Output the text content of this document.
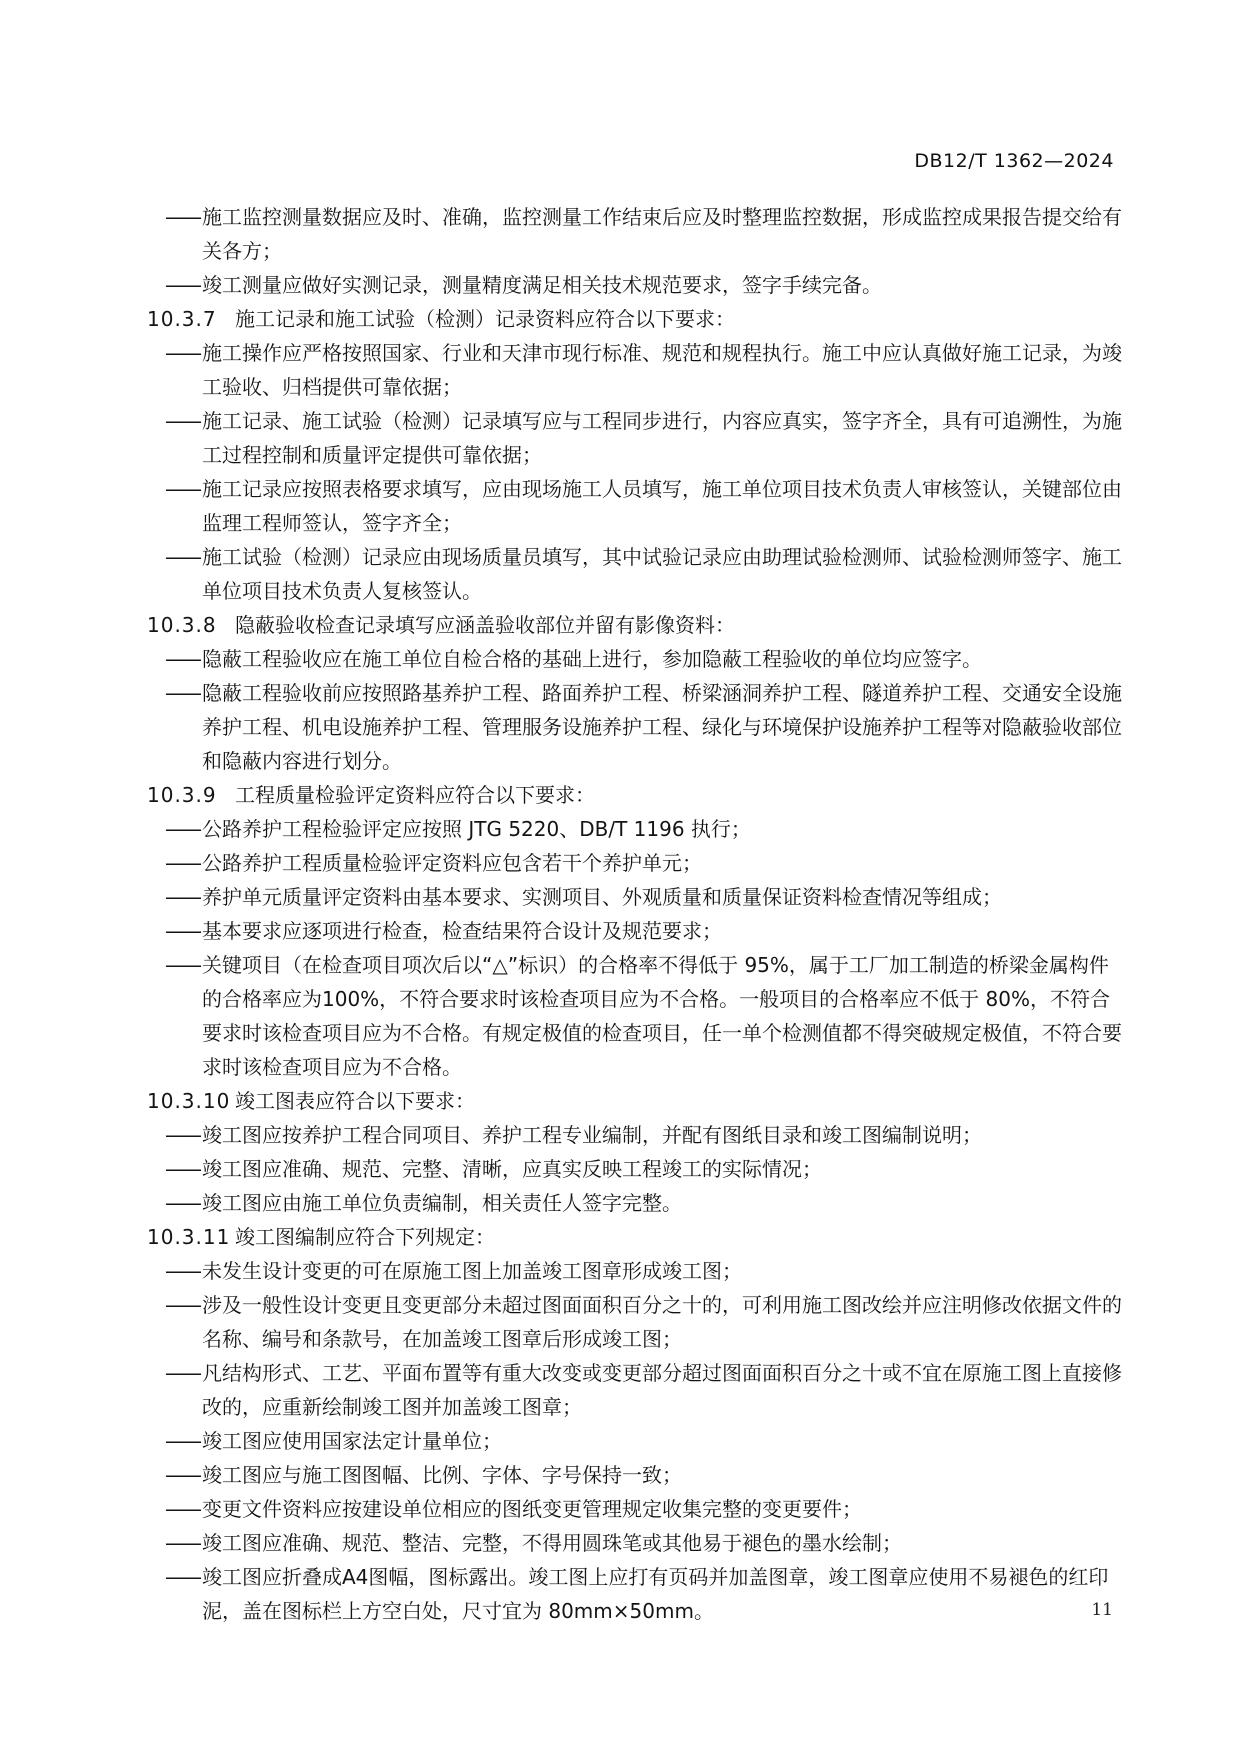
DB12/T 1362—2024
—— 施工监控测量数据应及时、准确，监控测量工作结束后应及时整理监控数据，形成监控成果报告提交给有关各方；
—— 竣工测量应做好实测记录，测量精度满足相关技术规范要求，签字手续完备。
10.3.7 施工记录和施工试验（检测）记录资料应符合以下要求：
—— 施工操作应严格按照国家、行业和天津市现行标准、规范和规程执行。施工中应认真做好施工记录，为竣工验收、归档提供可靠依据；
—— 施工记录、施工试验（检测）记录填写应与工程同步进行，内容应真实，签字齐全，具有可追溯性，为施工过程控制和质量评定提供可靠依据；
—— 施工记录应按照表格要求填写，应由现场施工人员填写，施工单位项目技术负责人审核签认，关键部位由监理工程师签认，签字齐全；
—— 施工试验（检测）记录应由现场质量员填写，其中试验记录应由助理试验检测师、试验检测师签字、施工单位项目技术负责人复核签认。
10.3.8 隐蔽验收检查记录填写应涵盖验收部位并留有影像资料：
—— 隐蔽工程验收应在施工单位自检合格的基础上进行，参加隐蔽工程验收的单位均应签字。
—— 隐蔽工程验收前应按照路基养护工程、路面养护工程、桥梁涵洞养护工程、隧道养护工程、交通安全设施养护工程、机电设施养护工程、管理服务设施养护工程、绿化与环境保护设施养护工程等对隐蔽验收部位和隐蔽内容进行划分。
10.3.9 工程质量检验评定资料应符合以下要求：
—— 公路养护工程检验评定应按照 JTG 5220、DB/T 1196 执行；
—— 公路养护工程质量检验评定资料应包含若干个养护单元；
—— 养护单元质量评定资料由基本要求、实测项目、外观质量和质量保证资料检查情况等组成；
—— 基本要求应逐项进行检查，检查结果符合设计及规范要求；
—— 关键项目（在检查项目项次后以“△”标识）的合格率不得低于 95%，属于工厂加工制造的桥梁金属构件的合格率应为100%，不符合要求时该检查项目应为不合格。一般项目的合格率应不低于 80%，不符合要求时该检查项目应为不合格。有规定极值的检查项目，任一单个检测值都不得突破规定极值，不符合要求时该检查项目应为不合格。
10.3.10 竣工图表应符合以下要求：
—— 竣工图应按养护工程合同项目、养护工程专业编制，并配有图纸目录和竣工图编制说明；
—— 竣工图应准确、规范、完整、清晰，应真实反映工程竣工的实际情况；
—— 竣工图应由施工单位负责编制，相关责任人签字完整。
10.3.11 竣工图编制应符合下列规定：
—— 未发生设计变更的可在原施工图上加盖竣工图章形成竣工图；
—— 涉及一般性设计变更且变更部分未超过图面面积百分之十的，可利用施工图改绘并应注明修改依据文件的名称、编号和条款号，在加盖竣工图章后形成竣工图；
—— 凡结构形式、工艺、平面布置等有重大改变或变更部分超过图面面积百分之十或不宜在原施工图上直接修改的，应重新绘制竣工图并加盖竣工图章；
—— 竣工图应使用国家法定计量单位；
—— 竣工图应与施工图图幅、比例、字体、字号保持一致；
—— 变更文件资料应按建设单位相应的图纸变更管理规定收集完整的变更要件；
—— 竣工图应准确、规范、整洁、完整，不得用圆珠笔或其他易于褪色的墨水绘制；
—— 竣工图应折叠成A4图幅，图标露出。竣工图上应打有页码并加盖图章，竣工图章应使用不易褪色的红印泥，盖在图标栏上方空白处，尺寸宜为 80mm×50mm。	11
